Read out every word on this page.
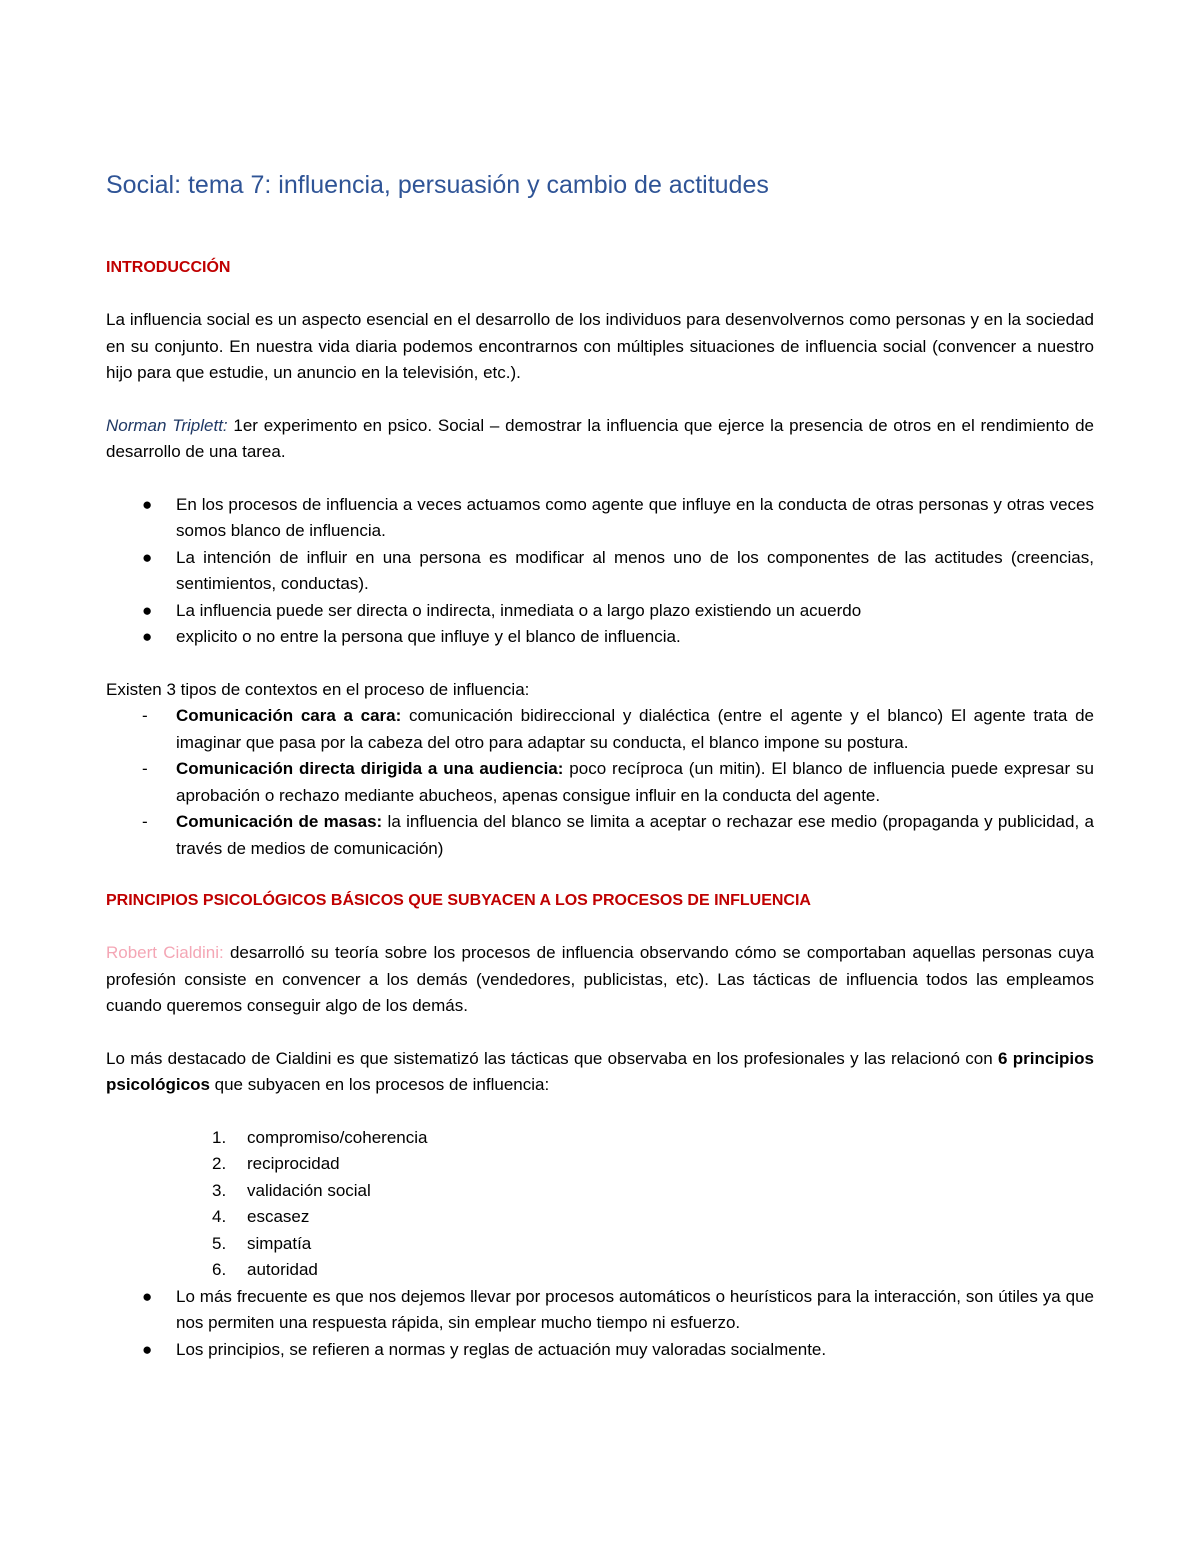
Social: tema 7: influencia, persuasión y cambio de actitudes
INTRODUCCIÓN

La influencia social es un aspecto esencial en el desarrollo de los individuos para desenvolvernos como personas y en la sociedad en su conjunto. En nuestra vida diaria podemos encontrarnos con múltiples situaciones de influencia social (convencer a nuestro hijo para que estudie, un anuncio en la televisión, etc.).

Norman Triplett: 1er experimento en psico. Social – demostrar la influencia que ejerce la presencia de otros en el rendimiento de desarrollo de una tarea.

● En los procesos de influencia a veces actuamos como agente que influye en la conducta de otras personas y otras veces somos blanco de influencia.
● La intención de influir en una persona es modificar al menos uno de los componentes de las actitudes (creencias, sentimientos, conductas).
● La influencia puede ser directa o indirecta, inmediata o a largo plazo existiendo un acuerdo
● explicito o no entre la persona que influye y el blanco de influencia.

Existen 3 tipos de contextos en el proceso de influencia:

- Comunicación cara a cara: comunicación bidireccional y dialéctica (entre el agente y el blanco) El agente trata de imaginar que pasa por la cabeza del otro para adaptar su conducta, el blanco impone su postura.
- Comunicación directa dirigida a una audiencia: poco recíproca (un mitin). El blanco de influencia puede expresar su aprobación o rechazo mediante abucheos, apenas consigue influir en la conducta del agente.
- Comunicación de masas: la influencia del blanco se limita a aceptar o rechazar ese medio (propaganda y publicidad, a través de medios de comunicación)
PRINCIPIOS PSICOLÓGICOS BÁSICOS QUE SUBYACEN A LOS PROCESOS DE INFLUENCIA

Robert Cialdini: desarrolló su teoría sobre los procesos de influencia observando cómo se comportaban aquellas personas cuya profesión consiste en convencer a los demás (vendedores, publicistas, etc). Las tácticas de influencia todos las empleamos cuando queremos conseguir algo de los demás.

Lo más destacado de Cialdini es que sistematizó las tácticas que observaba en los profesionales y las relacionó con 6 principios psicológicos que subyacen en los procesos de influencia:

1. compromiso/coherencia
2. reciprocidad
3. validación social
4. escasez
5. simpatía
6. autoridad
● Lo más frecuente es que nos dejemos llevar por procesos automáticos o heurísticos para la interacción, son útiles ya que nos permiten una respuesta rápida, sin emplear mucho tiempo ni esfuerzo.
● Los principios, se refieren a normas y reglas de actuación muy valoradas socialmente.
